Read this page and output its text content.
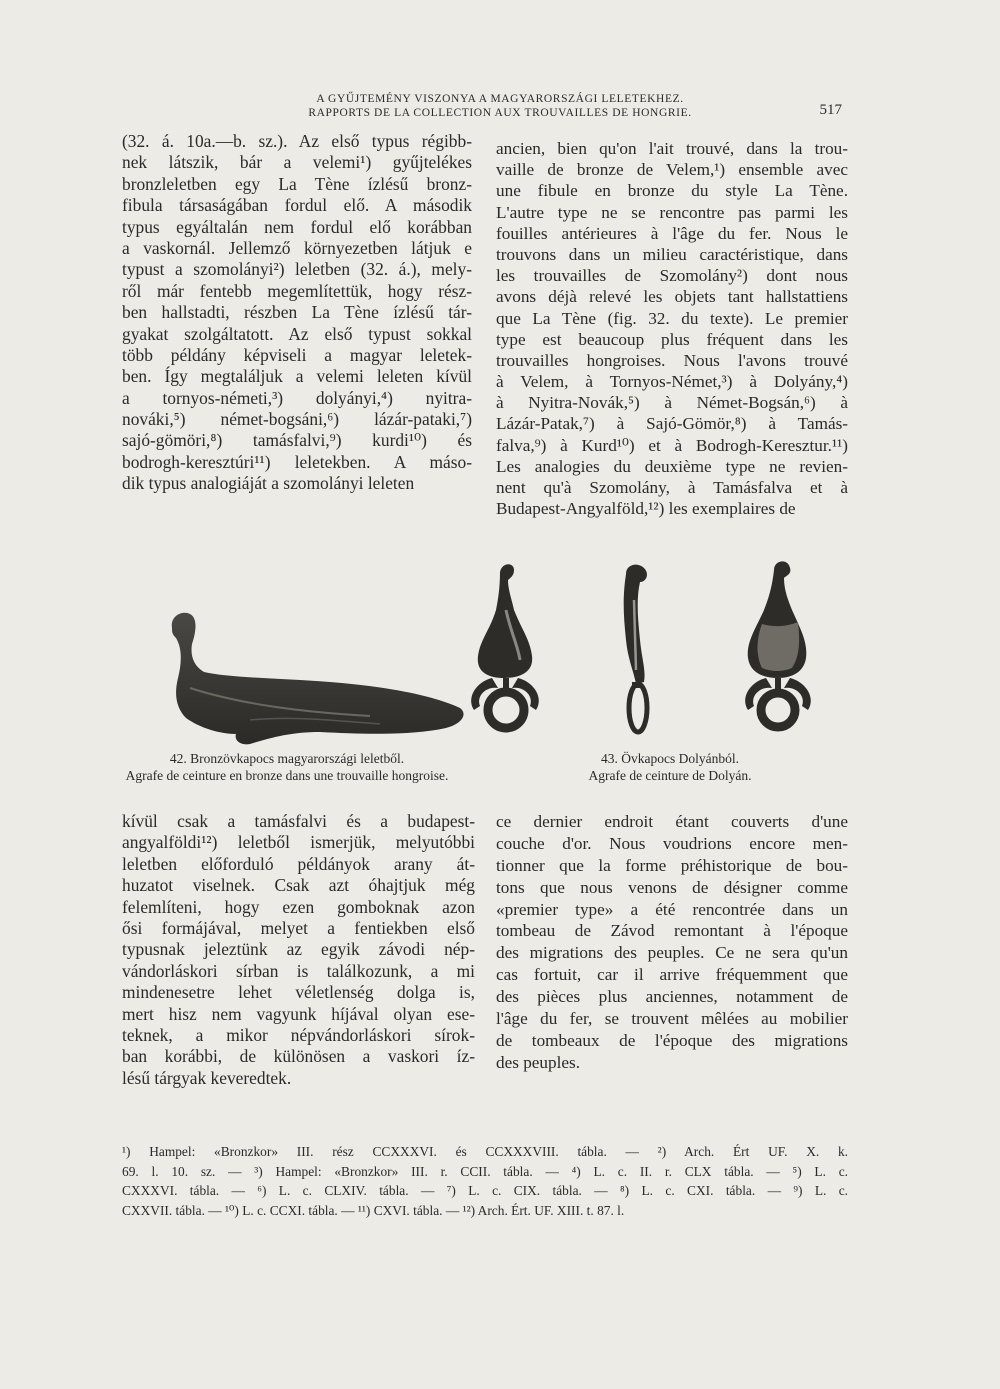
A GYŰJTEMÉNY VISZONYA A MAGYARORSZÁGI LELETEKHEZ.
RAPPORTS DE LA COLLECTION AUX TROUVAILLES DE HONGRIE.	517
(32. á. 10a.—b. sz.). Az első typus régibb-
nek látszik, bár a velemi¹) gyűjtelékes
bronzleletben egy La Tène ízlésű bronz-
fibula társaságában fordul elő. A második
typus egyáltalán nem fordul elő korábban
a vaskornál. Jellemző környezetben látjuk e
typust a szomolányi²) leletben (32. á.), mely-
ről már fentebb megemlítettük, hogy rész-
ben hallstadti, részben La Tène ízlésű tár-
gyakat szolgáltatott. Az első typust sokkal
több példány képviseli a magyar leletek-
ben. Így megtaláljuk a velemi leleten kívül
a tornyos-németi,³) dolyányi,⁴) nyitra-
nováki,⁵) német-bogsáni,⁶) lázár-pataki,⁷)
sajó-gömöri,⁸) tamásfalvi,⁹) kurdi¹⁰) és
bodrogh-keresztúri¹¹) leletekben. A máso-
dik typus analogiáját a szomolányi leleten
ancien, bien qu'on l'ait trouvé, dans la trou-
vaille de bronze de Velem,¹) ensemble avec
une fibule en bronze du style La Tène.
L'autre type ne se rencontre pas parmi les
fouilles antérieures à l'âge du fer. Nous le
trouvons dans un milieu caractéristique, dans
les trouvailles de Szomolány²) dont nous
avons déjà relevé les objets tant hallstattiens
que La Tène (fig. 32. du texte). Le premier
type est beaucoup plus fréquent dans les
trouvailles hongroises. Nous l'avons trouvé
à Velem, à Tornyos-Német,³) à Dolyány,⁴)
à Nyitra-Novák,⁵) à Német-Bogsán,⁶) à
Lázár-Patak,⁷) à Sajó-Gömör,⁸) à Tamás-
falva,⁹) à Kurd¹⁰) et à Bodrogh-Keresztur.¹¹)
Les analogies du deuxième type ne revien-
nent qu'à Szomolány, à Tamásfalva et à
Budapest-Angyalföld,¹²) les exemplaires de
42. Bronzövkapocs magyarországi leletből.
Agrafe de ceinture en bronze dans une trouvaille hongroise.
43. Övkapocs Dolyánból.
Agrafe de ceinture de Dolyán.
kívül csak a tamásfalvi és a budapest-
angyalföldi¹²) leletből ismerjük, melyutóbbi
leletben előforduló példányok arany át-
huzatot viselnek. Csak azt óhajtjuk még
felemlíteni, hogy ezen gomboknak azon
ősi formájával, melyet a fentiekben első
typusnak jeleztünk az egyik závodi nép-
vándorláskori sírban is találkozunk, a mi
mindenesetre lehet véletlenség dolga is,
mert hisz nem vagyunk híjával olyan ese-
teknek, a mikor népvándorláskori sírok-
ban korábbi, de különösen a vaskori íz-
lésű tárgyak keveredtek.
ce dernier endroit étant couverts d'une
couche d'or. Nous voudrions encore men-
tionner que la forme préhistorique de bou-
tons que nous venons de désigner comme
«premier type» a été rencontrée dans un
tombeau de Závod remontant à l'époque
des migrations des peuples. Ce ne sera qu'un
cas fortuit, car il arrive fréquemment que
des pièces plus anciennes, notamment de
l'âge du fer, se trouvent mêlées au mobilier
de tombeaux de l'époque des migrations
des peuples.
¹) Hampel: «Bronzkor» III. rész CCXXXVI. és CCXXXVIII. tábla. — ²) Arch. Ért UF. X. k.
69. l. 10. sz. — ³) Hampel: «Bronzkor» III. r. CCII. tábla. — ⁴) L. c. II. r. CLX tábla. — ⁵) L. c.
CXXXVI. tábla. — ⁶) L. c. CLXIV. tábla. — ⁷) L. c. CIX. tábla. — ⁸) L. c. CXI. tábla. — ⁹) L. c.
CXXVII. tábla. — ¹⁰) L. c. CCXI. tábla. — ¹¹) CXVI. tábla. — ¹²) Arch. Ért. UF. XIII. t. 87. l.
